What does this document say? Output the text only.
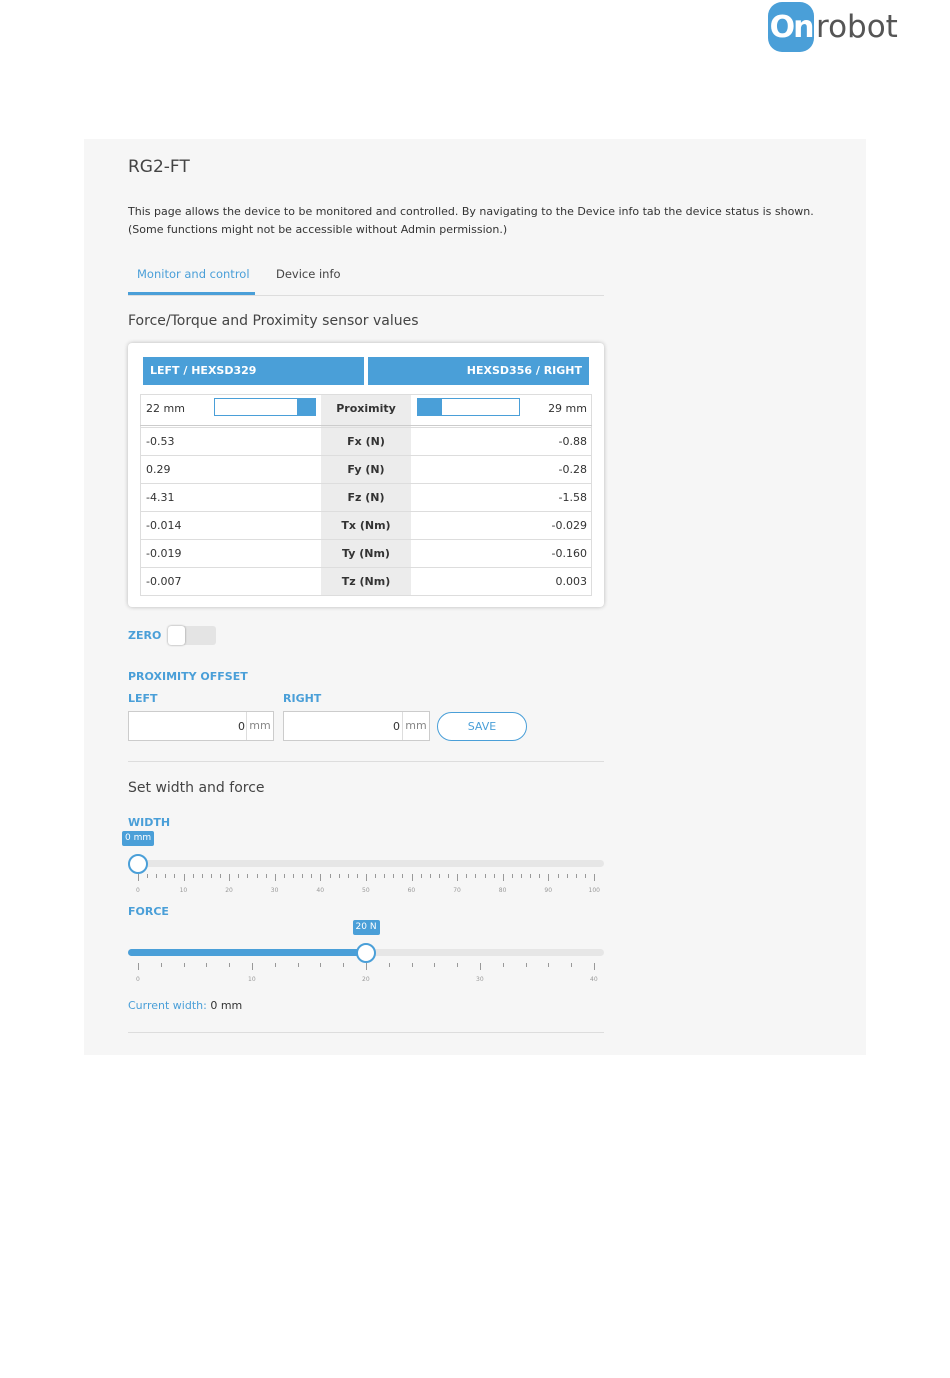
On robot
RG2-FT
This page allows the device to be monitored and controlled. By navigating to the Device info tab the device status is shown.
(Some functions might not be accessible without Admin permission.)
Monitor and control Device info
Force/Torque and Proximity sensor values
LEFT / HEXSD329	HEXSD356 / RIGHT
22 mm	Proximity	29 mm
-0.53	Fx (N)	-0.88
0.29	Fy (N)	-0.28
-4.31	Fz (N)	-1.58
-0.014	Tx (Nm)	-0.029
-0.019	Ty (Nm)	-0.160
-0.007	Tz (Nm)	0.003
ZERO
PROXIMITY OFFSET
LEFT	RIGHT
0
mm
0	mm	SAVE
Set width and force
WIDTH
0 mm
0	10	20	30	40	50	60	70	80	90	100
FORCE
20 N
0	10	20	30	40
Current width: 0 mm
